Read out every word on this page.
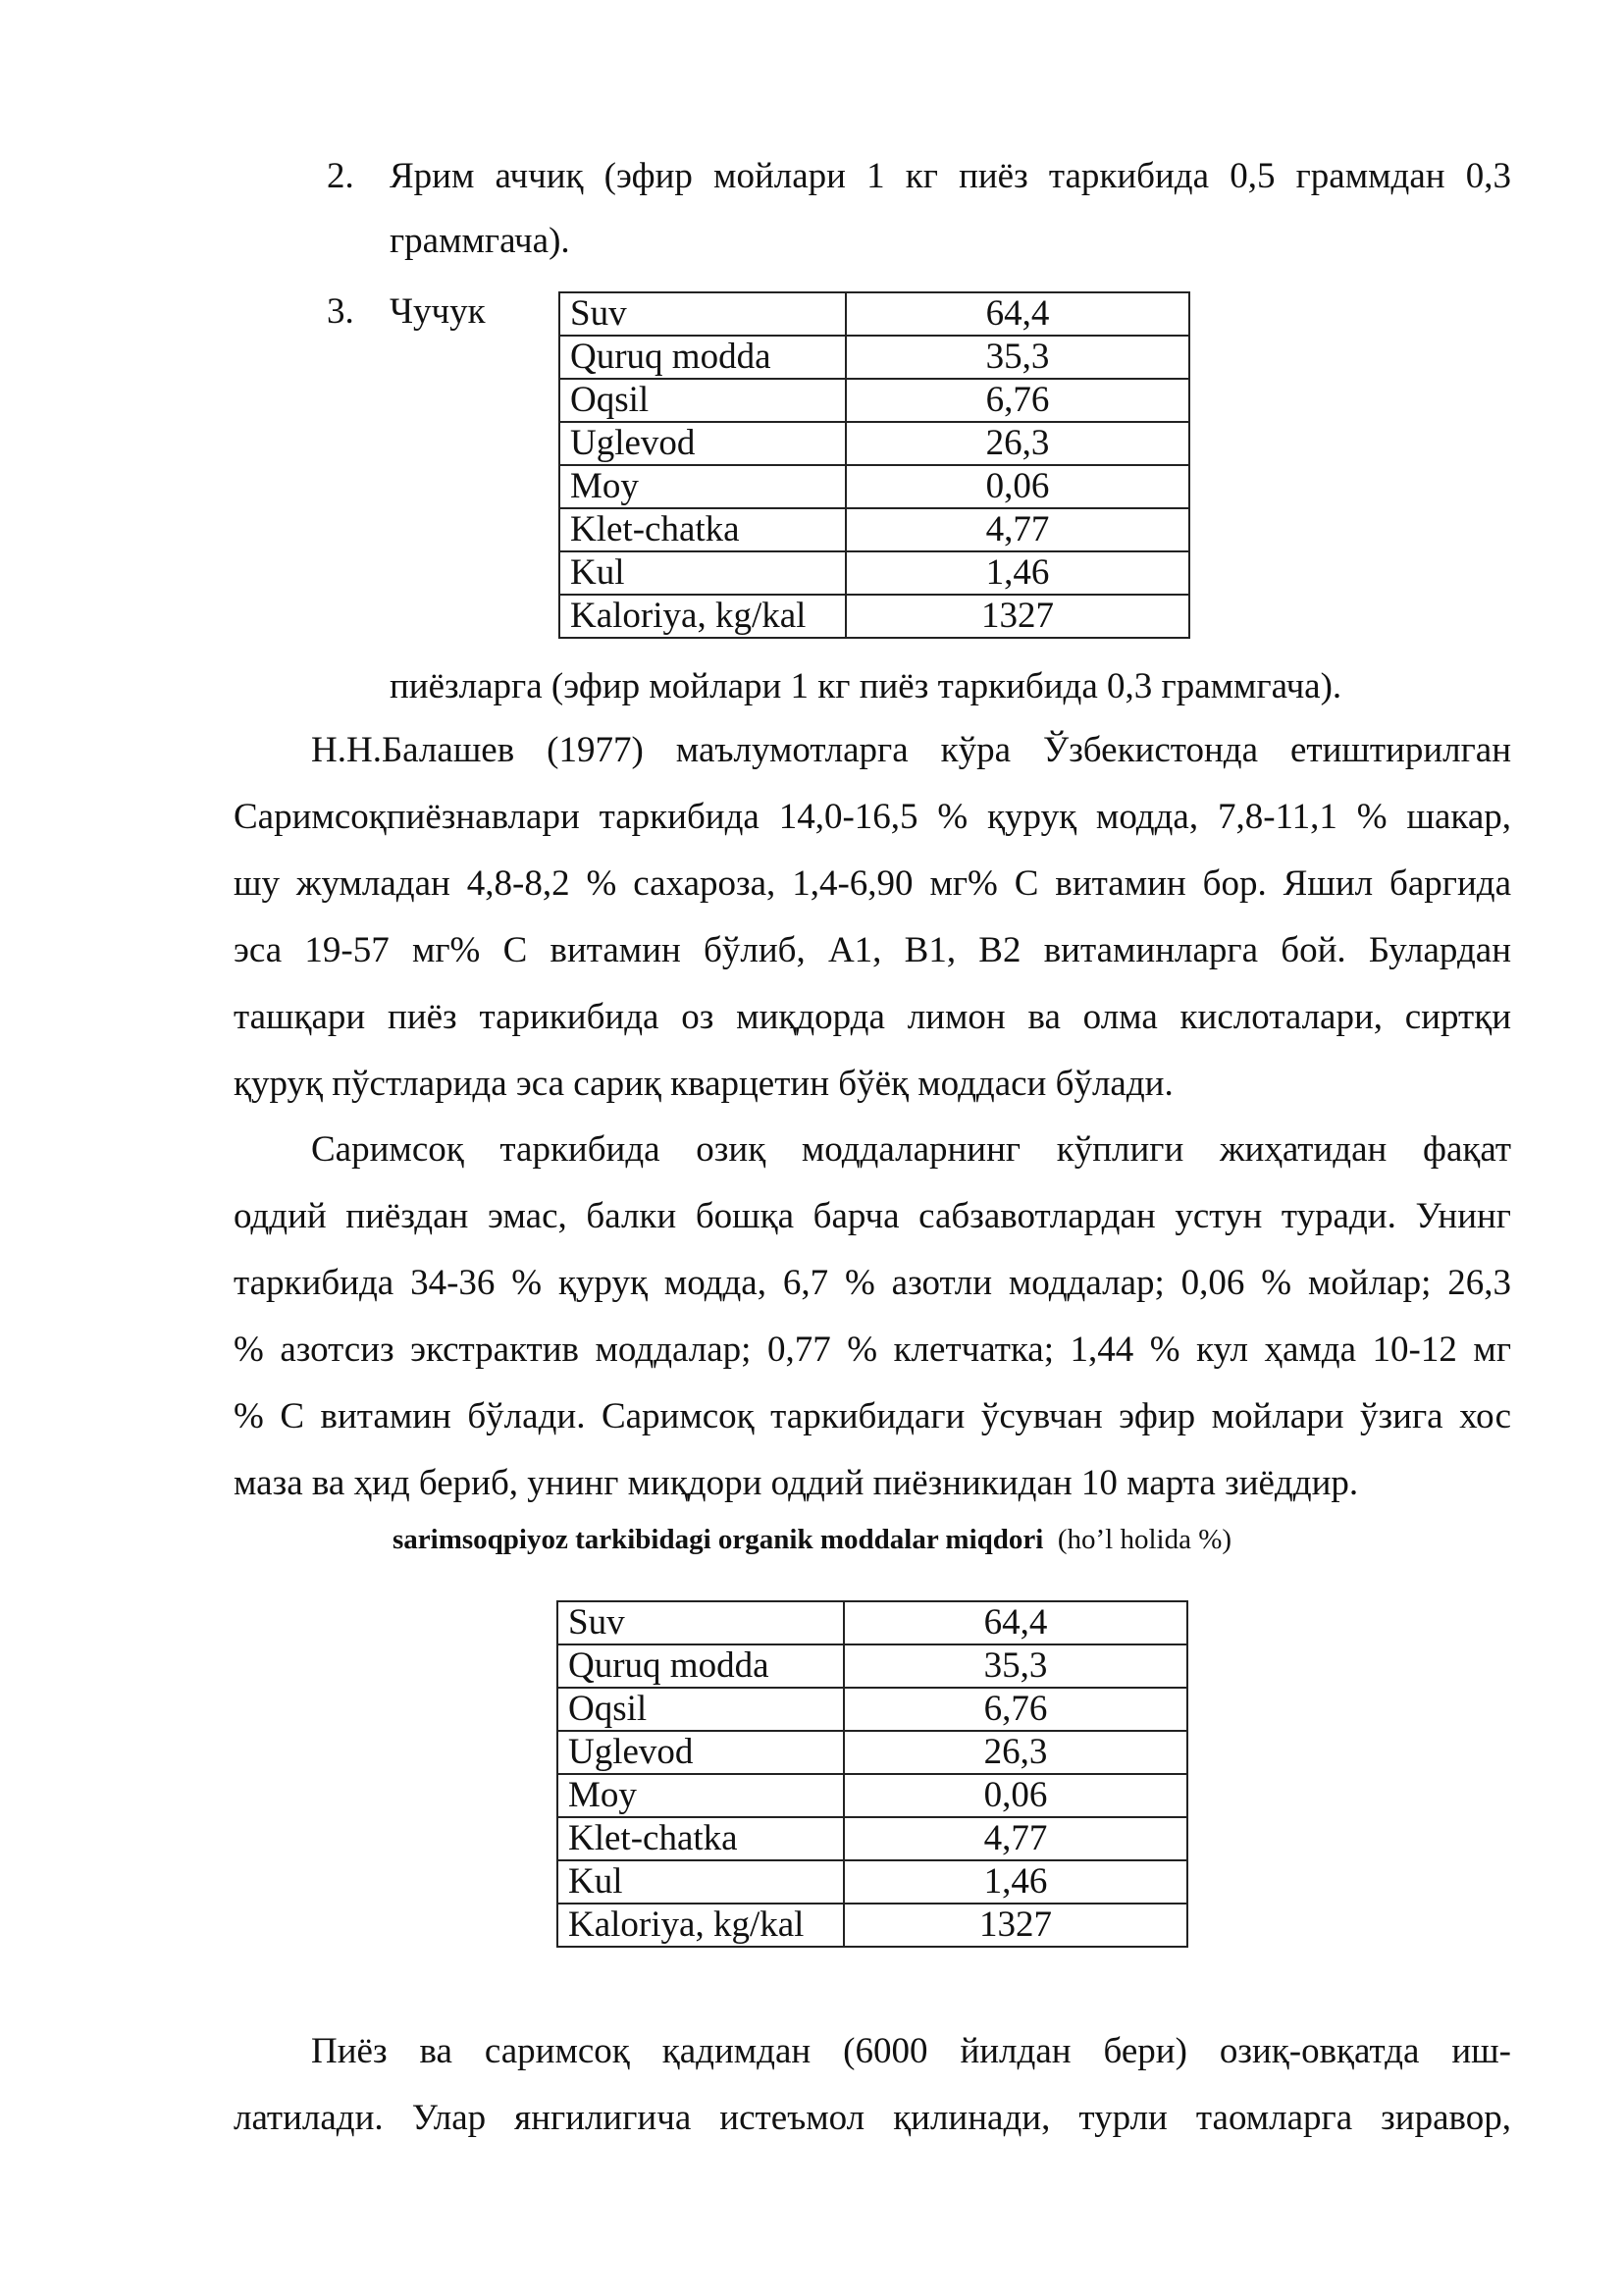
2. Ярим аччиқ (эфир мойлари 1 кг пиёз таркибида 0,5 граммдан 0,3
граммгача).
3. Чучук Suv	64,4
Quruq modda	35,3
Oqsil	6,76
Uglevod	26,3
Moy	0,06
Klet-chatka	4,77
Kul	1,46
Kaloriya, kg/kal	1327
пиёзларга (эфир мойлари 1 кг пиёз таркибида 0,3 граммгача).
Н.Н.Балашев (1977) маълумотларга кўра Ўзбекистонда етиштирилган
Саримсоқпиёзнавлари таркибида 14,0-16,5 % қуруқ модда, 7,8-11,1 % шакар,
шу жумладан 4,8-8,2 % сахароза, 1,4-6,90 мг% С витамин бор. Яшил баргида
эса 19-57 мг% С витамин бўлиб, А1, В1, В2 витаминларга бой. Булардан
ташқари пиёз тарикибида оз миқдорда лимон ва олма кислоталари, сиртқи
қуруқ пўстларида эса сариқ кварцетин бўёқ моддаси бўлади.
Саримсоқ таркибида озиқ моддаларнинг кўплиги жиҳатидан фақат
оддий пиёздан эмас, балки бошқа барча сабзавотлардан устун туради. Унинг
таркибида 34-36 % қуруқ модда, 6,7 % азотли моддалар; 0,06 % мойлар; 26,3
% азотсиз экстрактив моддалар; 0,77 % клетчатка; 1,44 % кул ҳамда 10-12 мг
% С витамин бўлади. Саримсоқ таркибидаги ўсувчан эфир мойлари ўзига хос
маза ва ҳид бериб, унинг миқдори оддий пиёзникидан 10 марта зиёддир.
sarimsoqpiyoz tarkibidagi organik moddalar miqdori (ho’l holida %)
Suv	64,4
Quruq modda	35,3
Oqsil	6,76
Uglevod	26,3
Moy	0,06
Klet-chatka	4,77
Kul	1,46
Kaloriya, kg/kal	1327
Пиёз ва саримсоқ қадимдан (6000 йилдан бери) озиқ-овқатда иш-
латилади. Улар янгилигича истеъмол қилинади, турли таомларга зиравор,
